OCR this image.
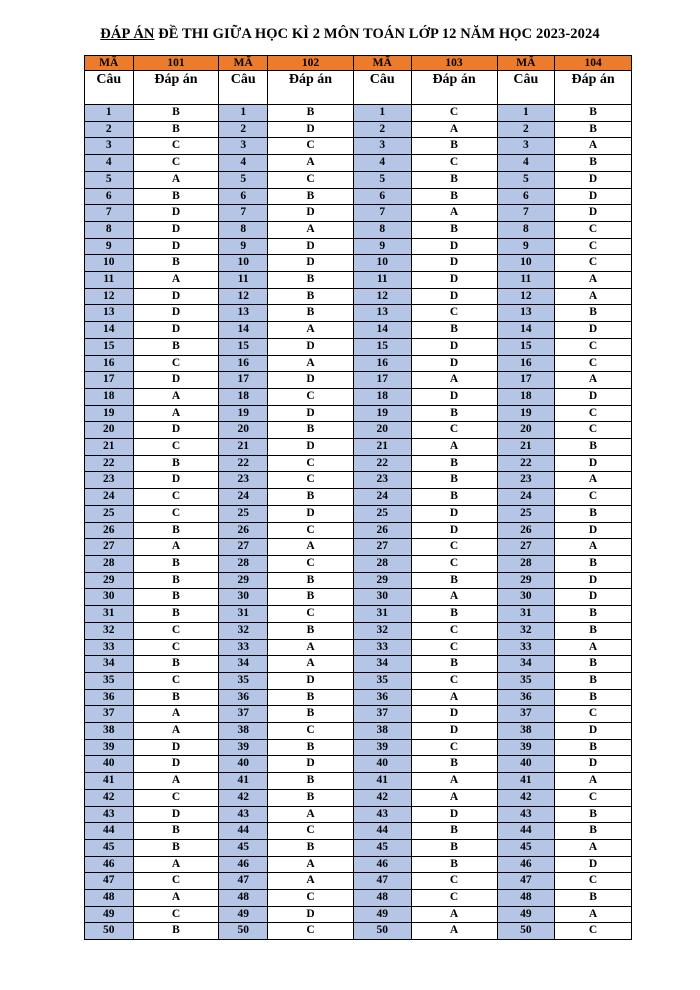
ĐÁP ÁN ĐỀ THI GIỮA HỌC KÌ 2 MÔN TOÁN LỚP 12 NĂM HỌC 2023-2024
MÃ	101	MÃ	102	MÃ	103	MÃ	104
Câu	Đáp án	Câu	Đáp án	Câu	Đáp án	Câu	Đáp án
1	B	1	B	1	C	1	B
2	B	2	D	2	A	2	B
3	C	3	C	3	B	3	A
4	C	4	A	4	C	4	B
5	A	5	C	5	B	5	D
6	B	6	B	6	B	6	D
7	D	7	D	7	A	7	D
8	D	8	A	8	B	8	C
9	D	9	D	9	D	9	C
10	B	10	D	10	D	10	C
11	A	11	B	11	D	11	A
12	D	12	B	12	D	12	A
13	D	13	B	13	C	13	B
14	D	14	A	14	B	14	D
15	B	15	D	15	D	15	C
16	C	16	A	16	D	16	C
17	D	17	D	17	A	17	A
18	A	18	C	18	D	18	D
19	A	19	D	19	B	19	C
20	D	20	B	20	C	20	C
21	C	21	D	21	A	21	B
22	B	22	C	22	B	22	D
23	D	23	C	23	B	23	A
24	C	24	B	24	B	24	C
25	C	25	D	25	D	25	B
26	B	26	C	26	D	26	D
27	A	27	A	27	C	27	A
28	B	28	C	28	C	28	B
29	B	29	B	29	B	29	D
30	B	30	B	30	A	30	D
31	B	31	C	31	B	31	B
32	C	32	B	32	C	32	B
33	C	33	A	33	C	33	A
34	B	34	A	34	B	34	B
35	C	35	D	35	C	35	B
36	B	36	B	36	A	36	B
37	A	37	B	37	D	37	C
38	A	38	C	38	D	38	D
39	D	39	B	39	C	39	B
40	D	40	D	40	B	40	D
41	A	41	B	41	A	41	A
42	C	42	B	42	A	42	C
43	D	43	A	43	D	43	B
44	B	44	C	44	B	44	B
45	B	45	B	45	B	45	A
46	A	46	A	46	B	46	D
47	C	47	A	47	C	47	C
48	A	48	C	48	C	48	B
49	C	49	D	49	A	49	A
50	B	50	C	50	A	50	C
